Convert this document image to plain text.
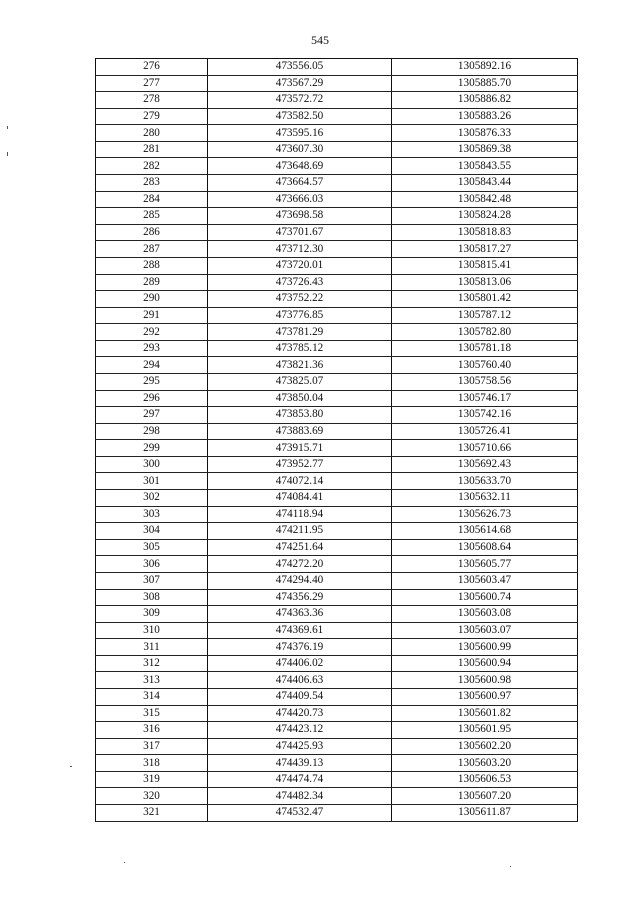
545
276	473556.05	1305892.16
277	473567.29	1305885.70
278	473572.72	1305886.82
279	473582.50	1305883.26
280	473595.16	1305876.33
281	473607.30	1305869.38
282	473648.69	1305843.55
283	473664.57	1305843.44
284	473666.03	1305842.48
285	473698.58	1305824.28
286	473701.67	1305818.83
287	473712.30	1305817.27
288	473720.01	1305815.41
289	473726.43	1305813.06
290	473752.22	1305801.42
291	473776.85	1305787.12
292	473781.29	1305782.80
293	473785.12	1305781.18
294	473821.36	1305760.40
295	473825.07	1305758.56
296	473850.04	1305746.17
297	473853.80	1305742.16
298	473883.69	1305726.41
299	473915.71	1305710.66
300	473952.77	1305692.43
301	474072.14	1305633.70
302	474084.41	1305632.11
303	474118.94	1305626.73
304	474211.95	1305614.68
305	474251.64	1305608.64
306	474272.20	1305605.77
307	474294.40	1305603.47
308	474356.29	1305600.74
309	474363.36	1305603.08
310	474369.61	1305603.07
311	474376.19	1305600.99
312	474406.02	1305600.94
313	474406.63	1305600.98
314	474409.54	1305600.97
315	474420.73	1305601.82
316	474423.12	1305601.95
317	474425.93	1305602.20
318	474439.13	1305603.20
319	474474.74	1305606.53
320	474482.34	1305607.20
321	474532.47	1305611.87
